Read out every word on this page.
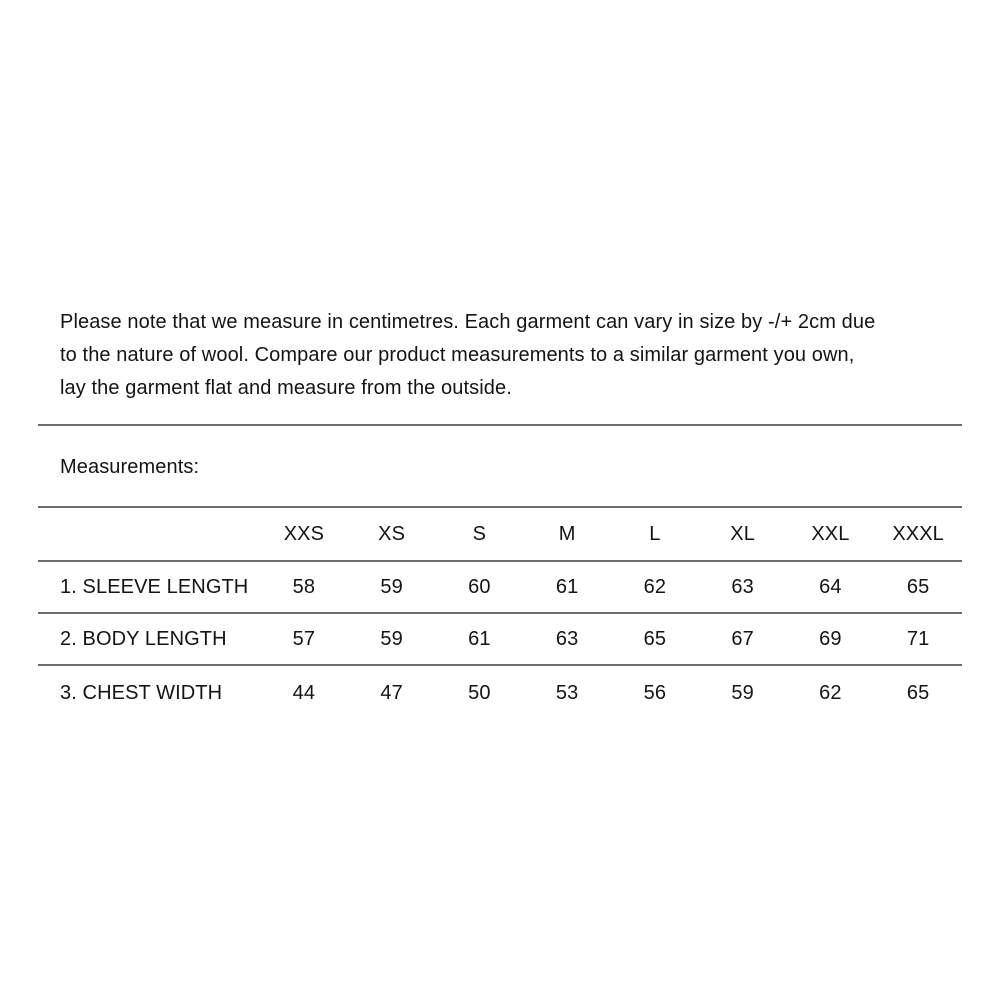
Please note that we measure in centimetres. Each garment can vary in size by -/+ 2cm due
to the nature of wool. Compare our product measurements to a similar garment you own,
lay the garment flat and measure from the outside.
Measurements:
	XXS	XS	S	M	L	XL	XXL	XXXL
1. SLEEVE LENGTH	58	59	60	61	62	63	64	65
2. BODY LENGTH	57	59	61	63	65	67	69	71
3. CHEST WIDTH	44	47	50	53	56	59	62	65
